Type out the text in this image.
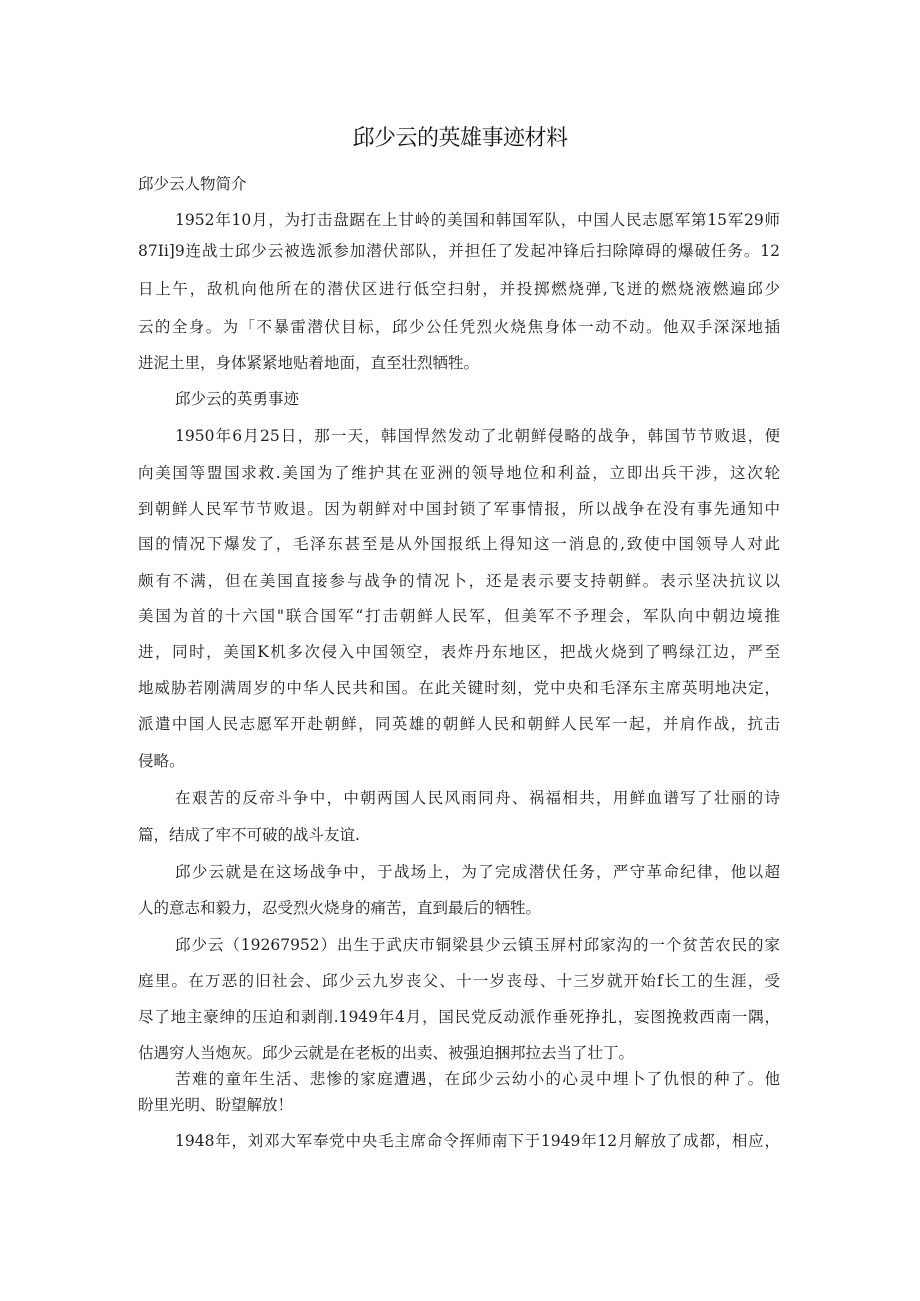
邱少云的英雄事迹材料
邱少云人物简介
1952年10月，为打击盘踞在上甘岭的美国和韩国军队，中国人民志愿军第15军29师
87Ii]9连战士邱少云被选派参加潜伏部队，并担任了发起冲锋后扫除障碍的爆破任务。12
日上午，敌机向他所在的潜伏区进行低空扫射，并投掷燃烧弹,飞迸的燃烧液燃遍邱少
云的全身。为「不暴雷潜伏目标，邱少公任凭烈火烧焦身体一动不动。他双手深深地插
进泥土里，身体紧紧地贴着地面，直至壮烈牺牲。
邱少云的英勇事迹
1950年6月25日，那一天，韩国悍然发动了北朝鲜侵略的战争，韩国节节败退，便
向美国等盟国求救.美国为了维护其在亚洲的领导地位和利益，立即出兵干涉，这次轮
到朝鲜人民军节节败退。因为朝鲜对中国封锁了军事情报，所以战争在没有事先通知中
国的情况下爆发了，毛泽东甚至是从外国报纸上得知这一消息的,致使中国领导人对此
颇有不满，但在美国直接参与战争的情况卜，还是表示要支持朝鲜。表示坚决抗议以
美国为首的十六国"联合国军“打击朝鲜人民军，但美军不予理会，军队向中朝边境推
进，同时，美国K机多次侵入中国领空，表炸丹东地区，把战火烧到了鸭绿江边，严至
地威胁若刚满周岁的中华人民共和国。在此关键时刻，党中央和毛泽东主席英明地决定，
派遣中国人民志愿军开赴朝鲜，同英雄的朝鲜人民和朝鲜人民军一起，并肩作战，抗击
侵略。
在艰苦的反帝斗争中，中朝两国人民风雨同舟、祸福相共，用鲜血谱写了壮丽的诗
篇，结成了牢不可破的战斗友谊.
邱少云就是在这场战争中，于战场上，为了完成潜伏任务，严守革命纪律，他以超
人的意志和毅力，忍受烈火烧身的痛苦，直到最后的牺牲。
邱少云（19267952）出生于武庆市铜梁县少云镇玉屏村邱家沟的一个贫苦农民的家
庭里。在万恶的旧社会、邱少云九岁丧父、十一岁丧母、十三岁就开始f长工的生涯，受
尽了地主豪绅的压迫和剥削.1949年4月，国民党反动派作垂死挣扎，妄图挽救西南一隅，
估遇穷人当炮灰。邱少云就是在老板的出卖、被强迫捆邦拉去当了壮丁。
苦难的童年生活、悲惨的家庭遭遇，在邱少云幼小的心灵中埋卜了仇恨的种了。他
盼里光明、盼望解放！
1948年，刘邓大军奉党中央毛主席命令挥师南下于1949年12月解放了成都，相应，
